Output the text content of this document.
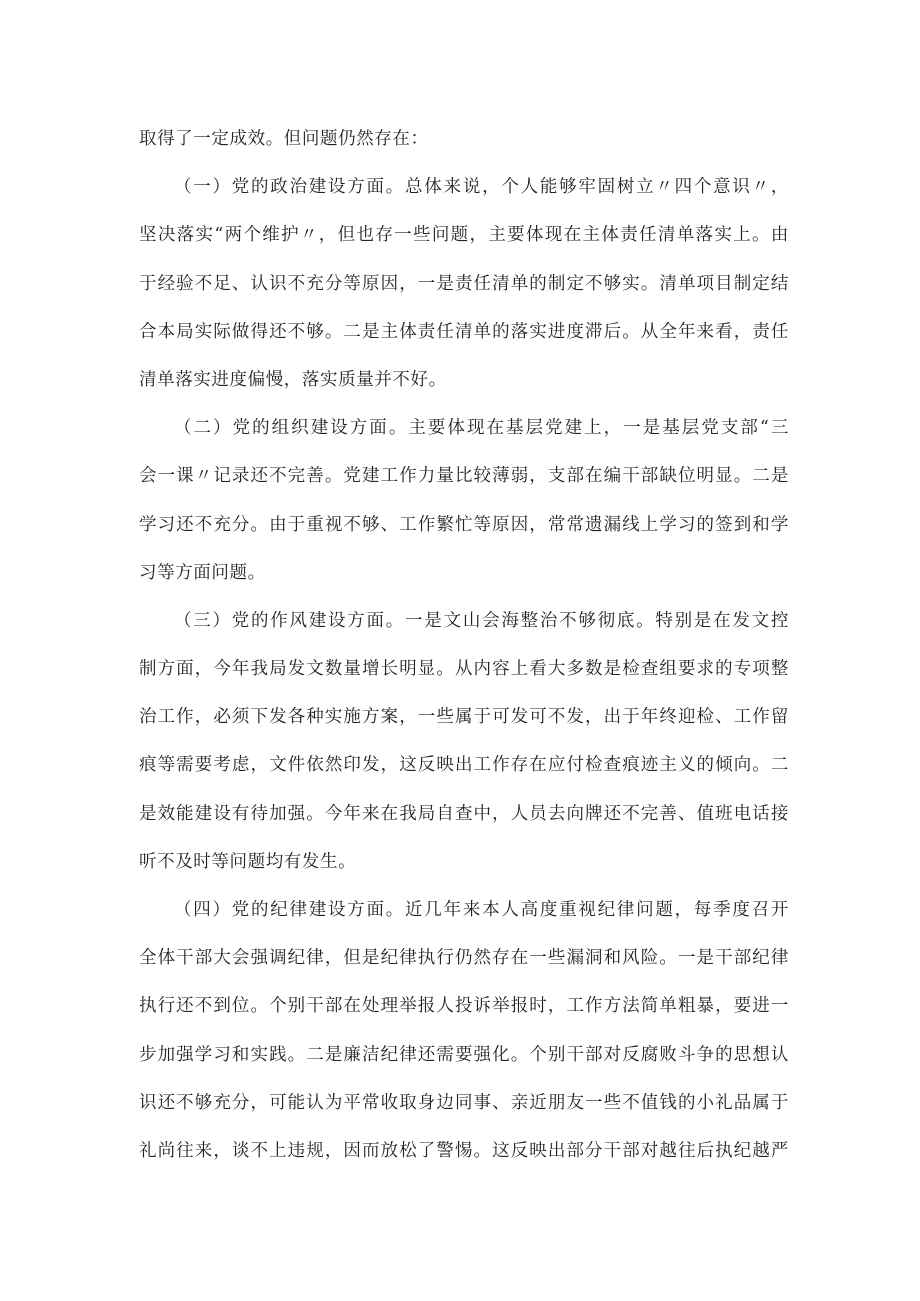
取得了一定成效。但问题仍然存在：

（一）党的政治建设方面。总体来说，个人能够牢固树立〃四个意识〃，
坚决落实“两个维护〃，但也存一些问题，主要体现在主体责任清单落实上。由
于经验不足、认识不充分等原因，一是责任清单的制定不够实。清单项目制定结
合本局实际做得还不够。二是主体责任清单的落实进度滞后。从全年来看，责任
清单落实进度偏慢，落实质量并不好。

（二）党的组织建设方面。主要体现在基层党建上，一是基层党支部“三
会一课〃记录还不完善。党建工作力量比较薄弱，支部在编干部缺位明显。二是
学习还不充分。由于重视不够、工作繁忙等原因，常常遗漏线上学习的签到和学
习等方面问题。

（三）党的作风建设方面。一是文山会海整治不够彻底。特别是在发文控
制方面，今年我局发文数量增长明显。从内容上看大多数是检查组要求的专项整
治工作，必须下发各种实施方案，一些属于可发可不发，出于年终迎检、工作留
痕等需要考虑，文件依然印发，这反映出工作存在应付检查痕迹主义的倾向。二
是效能建设有待加强。今年来在我局自查中，人员去向牌还不完善、值班电话接
听不及时等问题均有发生。

（四）党的纪律建设方面。近几年来本人高度重视纪律问题，每季度召开
全体干部大会强调纪律，但是纪律执行仍然存在一些漏洞和风险。一是干部纪律
执行还不到位。个别干部在处理举报人投诉举报时，工作方法简单粗暴，要进一
步加强学习和实践。二是廉洁纪律还需要强化。个别干部对反腐败斗争的思想认
识还不够充分，可能认为平常收取身边同事、亲近朋友一些不值钱的小礼品属于
礼尚往来，谈不上违规，因而放松了警惕。这反映出部分干部对越往后执纪越严
